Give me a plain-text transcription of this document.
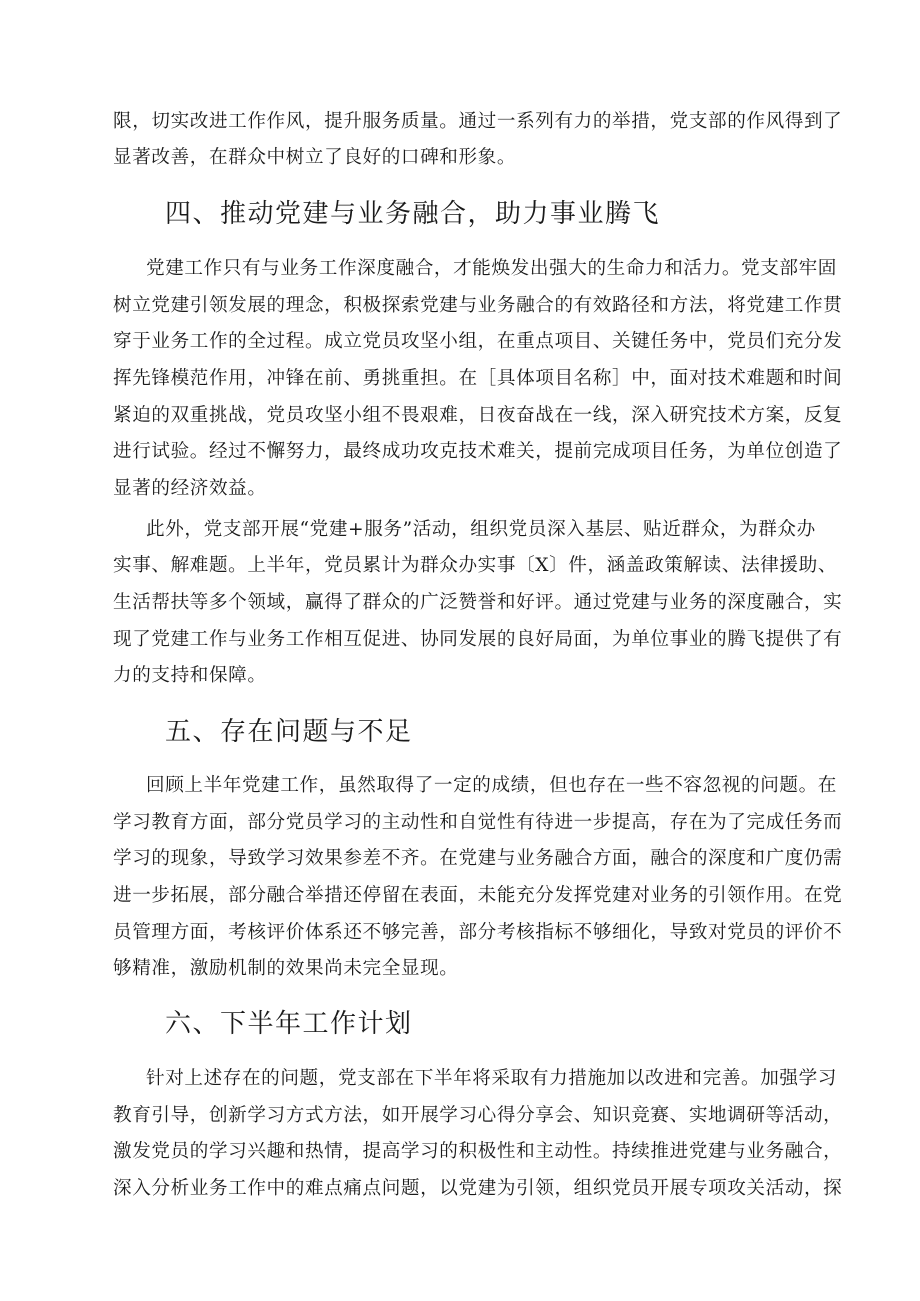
限，切实改进工作作风，提升服务质量。通过一系列有力的举措，党支部的作风得到了

显著改善，在群众中树立了良好的口碑和形象。

四、推动党建与业务融合，助力事业腾飞

党建工作只有与业务工作深度融合，才能焕发出强大的生命力和活力。党支部牢固

树立党建引领发展的理念，积极探索党建与业务融合的有效路径和方法，将党建工作贯

穿于业务工作的全过程。成立党员攻坚小组，在重点项目、关键任务中，党员们充分发

挥先锋模范作用，冲锋在前、勇挑重担。在［具体项目名称］中，面对技术难题和时间

紧迫的双重挑战，党员攻坚小组不畏艰难，日夜奋战在一线，深入研究技术方案，反复

进行试验。经过不懈努力，最终成功攻克技术难关，提前完成项目任务，为单位创造了

显著的经济效益。

此外，党支部开展“党建+服务”活动，组织党员深入基层、贴近群众，为群众办

实事、解难题。上半年，党员累计为群众办实事〔X〕件，涵盖政策解读、法律援助、

生活帮扶等多个领域，赢得了群众的广泛赞誉和好评。通过党建与业务的深度融合，实

现了党建工作与业务工作相互促进、协同发展的良好局面，为单位事业的腾飞提供了有

力的支持和保障。

五、存在问题与不足

回顾上半年党建工作，虽然取得了一定的成绩，但也存在一些不容忽视的问题。在

学习教育方面，部分党员学习的主动性和自觉性有待进一步提高，存在为了完成任务而

学习的现象，导致学习效果参差不齐。在党建与业务融合方面，融合的深度和广度仍需

进一步拓展，部分融合举措还停留在表面，未能充分发挥党建对业务的引领作用。在党

员管理方面，考核评价体系还不够完善，部分考核指标不够细化，导致对党员的评价不

够精准，激励机制的效果尚未完全显现。

六、下半年工作计划

针对上述存在的问题，党支部在下半年将采取有力措施加以改进和完善。加强学习

教育引导，创新学习方式方法，如开展学习心得分享会、知识竞赛、实地调研等活动，

激发党员的学习兴趣和热情，提高学习的积极性和主动性。持续推进党建与业务融合，

深入分析业务工作中的难点痛点问题，以党建为引领，组织党员开展专项攻关活动，探
